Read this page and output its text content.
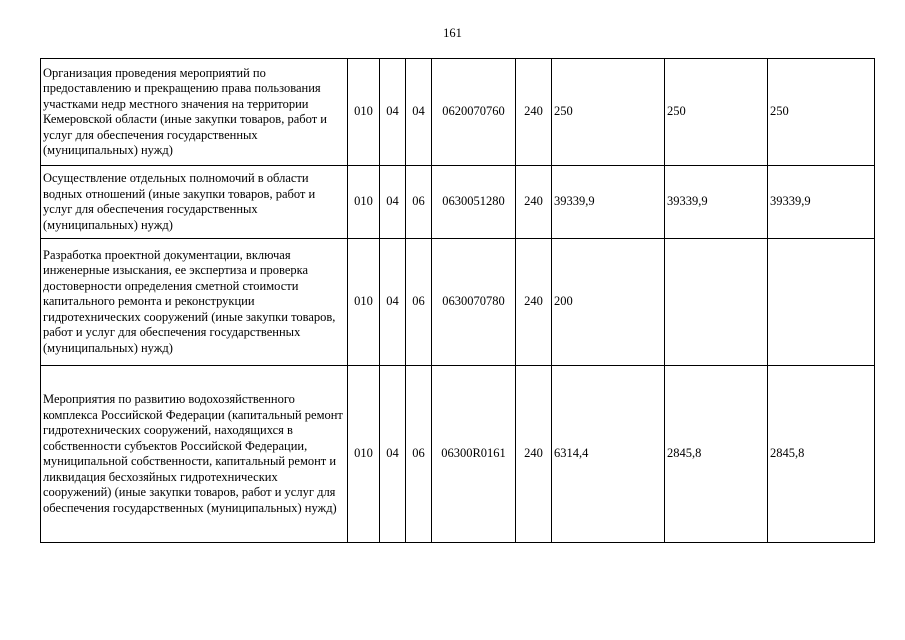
161
Организация проведения мероприятий по предоставлению и прекращению права пользования участками недр местного значения на территории Кемеровской области (иные закупки товаров, работ и услуг для обеспечения государственных (муниципальных) нужд)	010	04	04	0620070760	240	250	250	250
Осуществление отдельных полномочий в области водных отношений (иные закупки товаров, работ и услуг для обеспечения государственных (муниципальных) нужд)	010	04	06	0630051280	240	39339,9	39339,9	39339,9
Разработка проектной документации, включая инженерные изыскания, ее экспертиза и проверка достоверности определения сметной стоимости капитального ремонта и реконструкции гидротехнических сооружений (иные закупки товаров, работ и услуг для обеспечения государственных (муниципальных) нужд)	010	04	06	0630070780	240	200		
Мероприятия по развитию водохозяйственного комплекса Российской Федерации (капитальный ремонт гидротехнических сооружений, находящихся в собственности субъектов Российской Федерации, муниципальной собственности, капитальный ремонт и ликвидация бесхозяйных гидротехнических сооружений) (иные закупки товаров, работ и услуг для обеспечения государственных (муниципальных) нужд)	010	04	06	06300R0161	240	6314,4	2845,8	2845,8
